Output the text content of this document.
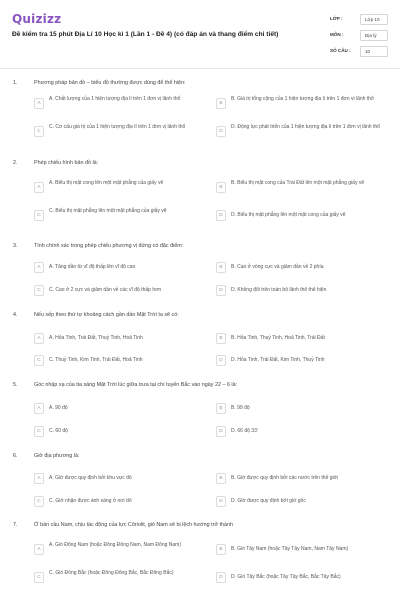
Quizizz
Đề kiểm tra 15 phút Địa Lí 10 Học kì 1 (Lần 1 - Đề 4) (có đáp án và thang điểm chi tiết)
LỚP :	Lớp 10
MÔN :	Địa lý
SỐ CÂU :	10
1.	Phương pháp bản đồ – biểu đồ thường được dùng để thể hiện:
A
A. Chất lượng của 1 hiện tượng địa lí trên 1 đơn vị lãnh thổ
B
B. Giá trị tổng cộng của 1 hiện tượng địa lí trên 1 đơn vị lãnh thổ
C
C. Cơ cấu giá trị của 1 hiện tượng địa lí trên 1 đơn vị lãnh thổ
D
D. Động lực phát triển của 1 hiện tượng địa lí trên 1 đơn vị lãnh thổ
2.	Phép chiếu hình bản đồ là:
A
A. Biểu thị mặt cong lên một mặt phẳng của giấy vẽ
B
B. Biểu thị mặt cong của Trái Đất lên một mặt phẳng giấy vẽ
C
C. Biểu thị mặt phẳng lên một mặt phẳng của giấy vẽ
D	D. Biểu thị mặt phẳng lên một mặt cong của giấy vẽ
3.	Tính chính xác trong phép chiếu phương vị đứng có đặc điểm:
A	A. Tăng dần từ vĩ độ thấp lên vĩ độ cao	B	B. Cao ở vòng cực và giảm dần về 2 phía
C	C. Cao ở 2 cực và giảm dần về các vĩ độ thấp hơn	D	D. Không đổi trên toàn bộ lãnh thổ thể hiện
4.	Nếu xếp theo thứ tự khoảng cách gần dần Mặt Trời ta sẽ có:
A	A. Hỏa Tinh, Trái Đất, Thuỷ Tinh, Hoả Tinh	B	B. Hỏa Tinh, Thuỷ Tinh, Hoả Tinh, Trái Đất
C	C. Thuỷ Tinh, Kim Tinh, Trái Đất, Hoả Tinh	D	D. Hỏa Tinh, Trái Đất, Kim Tinh, Thuỷ Tinh
5.	Góc nhập xạ của tia sáng Mặt Trời lúc giữa trưa tại chí tuyến Bắc vào ngày 22 – 6 là:
A	A. 90 độ	B	B. 99 độ
C	C. 60 độ	D	D. 66 độ 33'
6.	Giờ địa phương là:
A	A. Giờ được quy định bởi khu vực đó	B	B. Giờ được quy định bởi các nước trên thế giới
C	C. Giờ nhận được ánh sáng ở nơi đó	D	D. Giờ được quy định bởi giờ gốc
7.	Ở bán cầu Nam, chịu tác động của lực Côriolit, gió Nam sẽ bị lệch hướng trở thành
A
A. Gió Đông Nam (hoặc Đông Đông Nam, Nam Đông Nam)
B	B. Gió Tây Nam (hoặc Tây Tây Nam, Nam Tây Nam)
C
C. Gió Đông Bắc (hoặc Đông Đông Bắc, Bắc Đông Bắc)
D	D. Gió Tây Bắc (hoặc Tây Tây Bắc, Bắc Tây Bắc)
